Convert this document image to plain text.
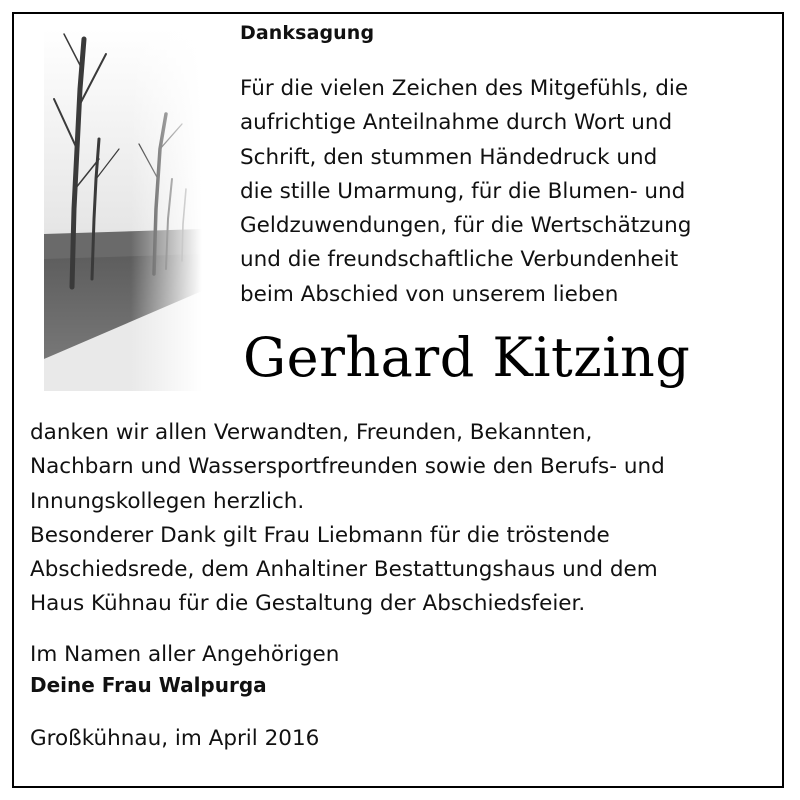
Danksagung
Für die vielen Zeichen des Mitgefühls, die
aufrichtige Anteilnahme durch Wort und
Schrift, den stummen Händedruck und
die stille Umarmung, für die Blumen- und
Geldzuwendungen, für die Wertschätzung
und die freundschaftliche Verbundenheit
beim Abschied von unserem lieben
Gerhard Kitzing
danken wir allen Verwandten, Freunden, Bekannten,
Nachbarn und Wassersportfreunden sowie den Berufs- und
Innungskollegen herzlich.
Besonderer Dank gilt Frau Liebmann für die tröstende
Abschiedsrede, dem Anhaltiner Bestattungshaus und dem
Haus Kühnau für die Gestaltung der Abschiedsfeier.
Im Namen aller Angehörigen
Deine Frau Walpurga
Großkühnau, im April 2016
